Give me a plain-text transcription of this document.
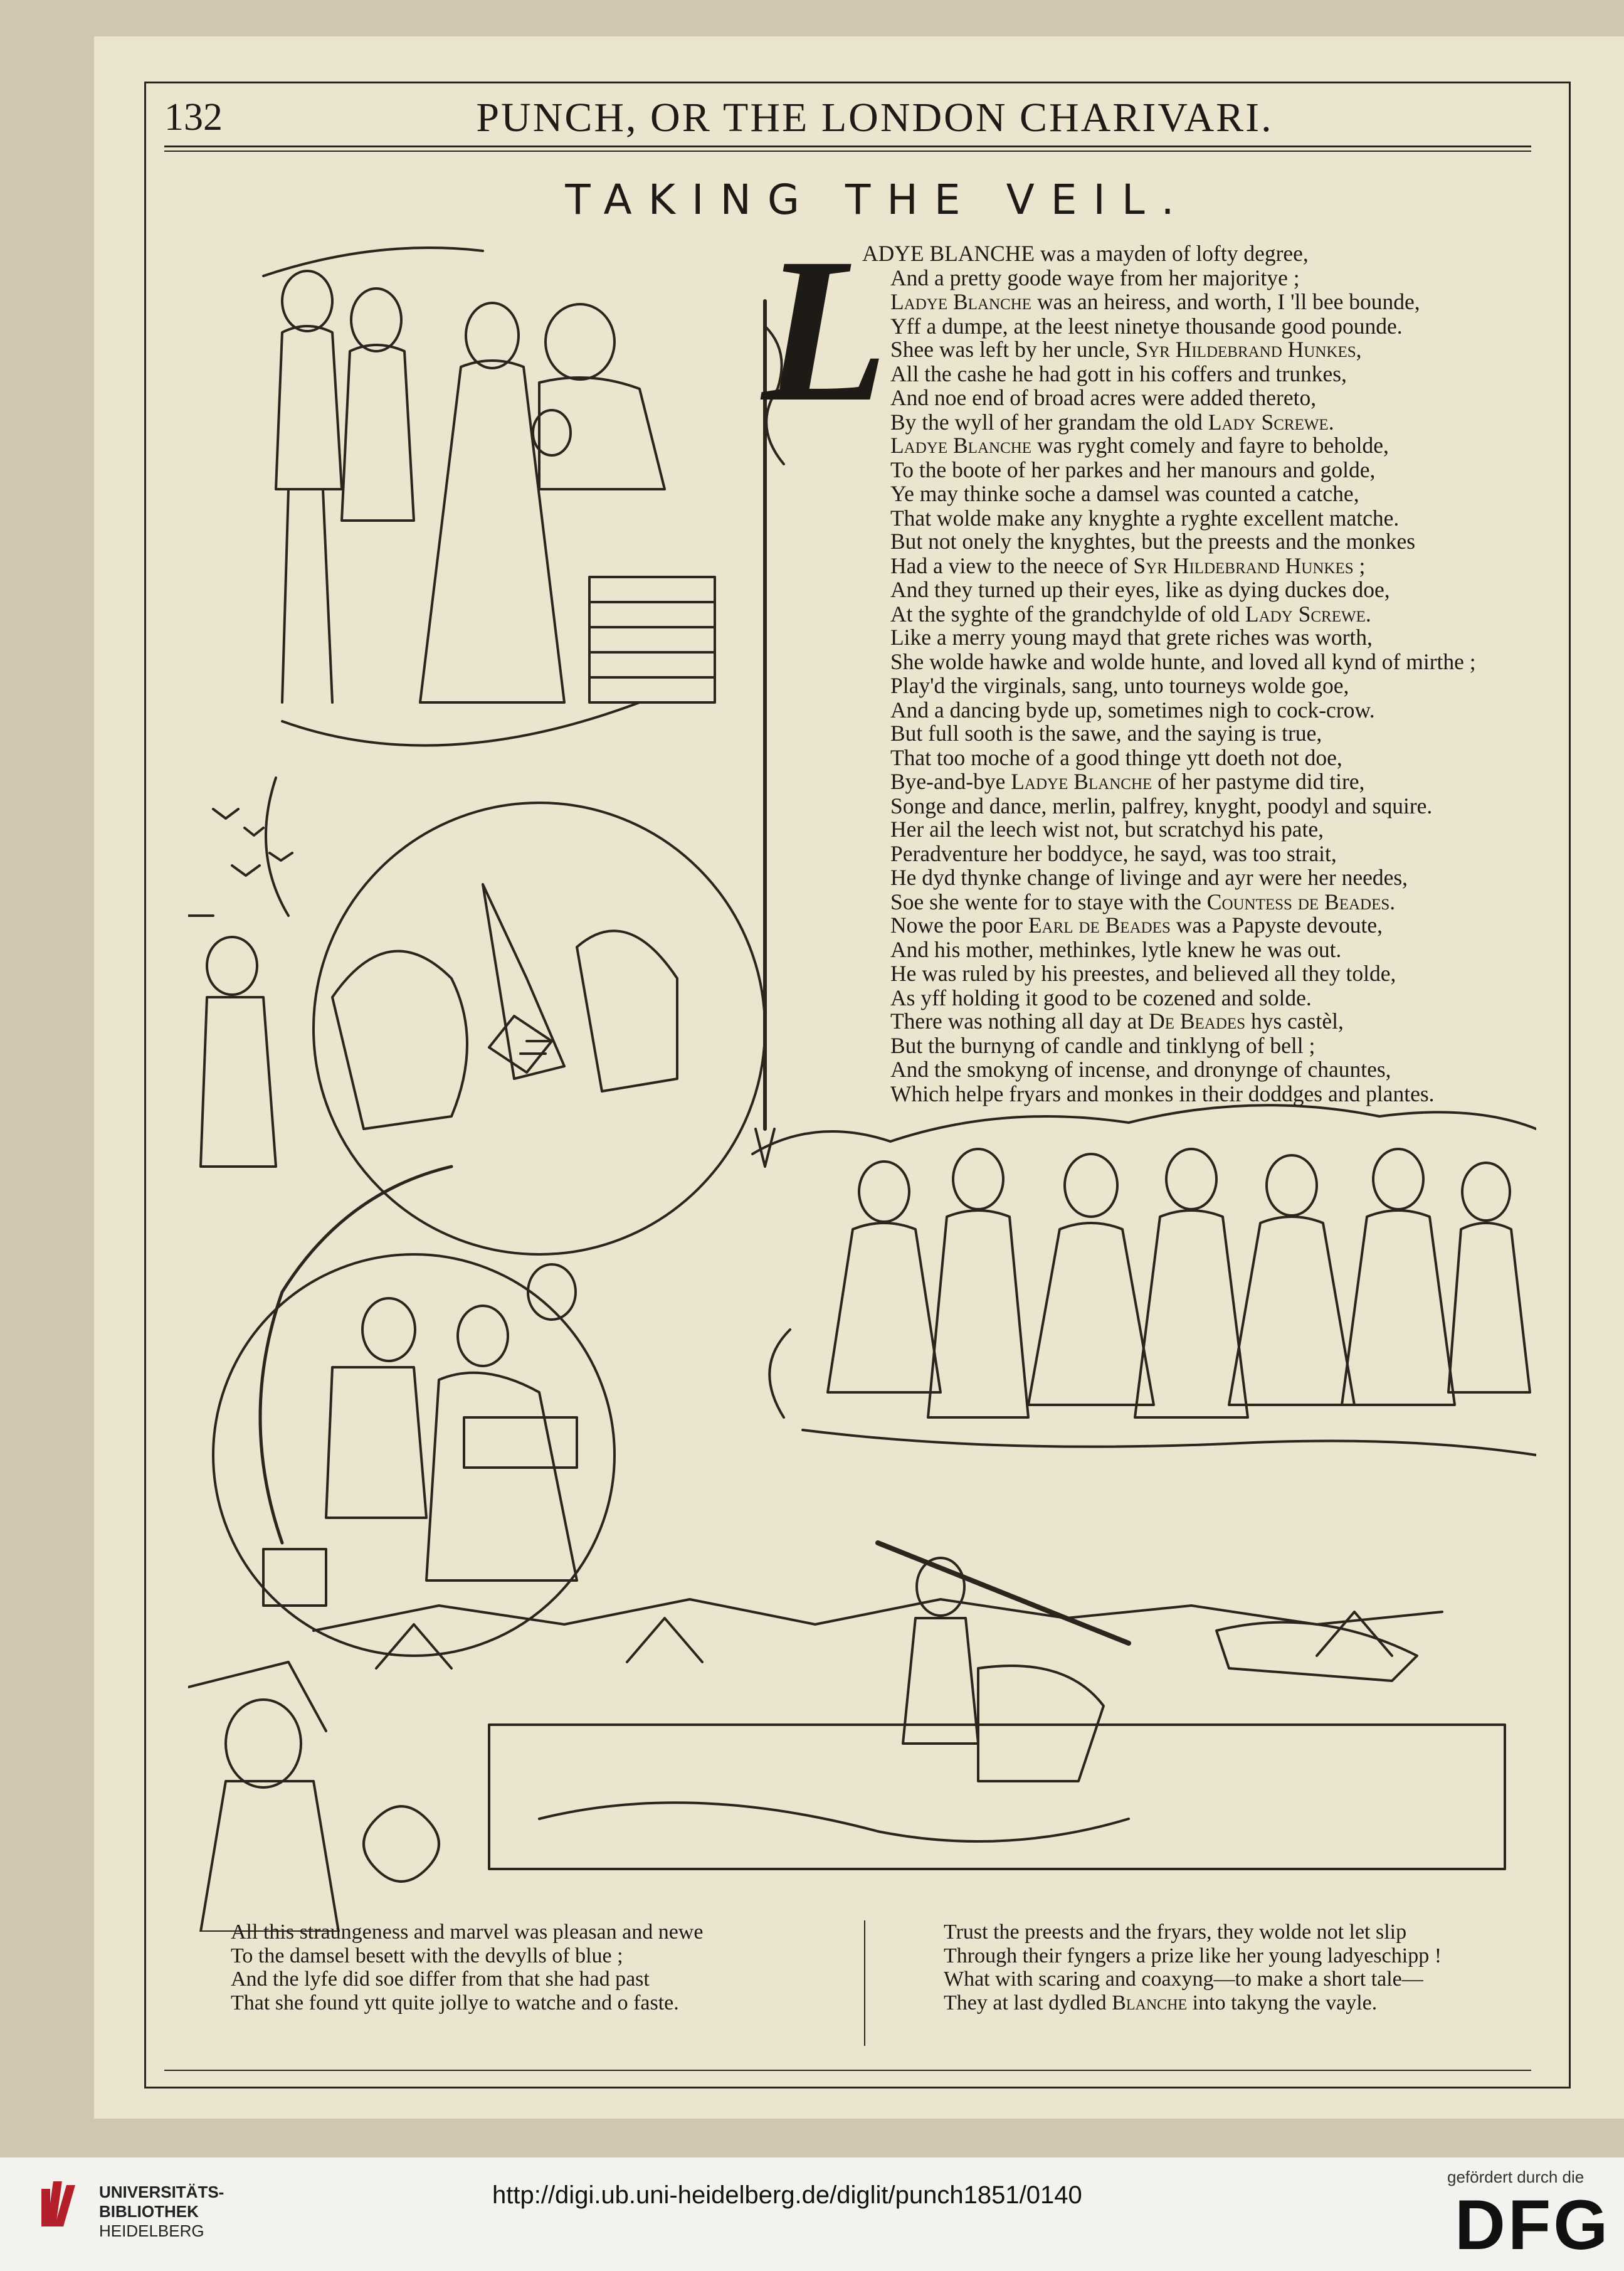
132	PUNCH, OR THE LONDON CHARIVARI.
TAKING THE VEIL.
L
ADYE BLANCHE was a mayden of lofty degree,
And a pretty goode waye from her majoritye ;
Ladye Blanche was an heiress, and worth, I 'll bee bounde,
Yff a dumpe, at the leest ninetye thousande good pounde.
Shee was left by her uncle, Syr Hildebrand Hunkes,
All the cashe he had gott in his coffers and trunkes,
And noe end of broad acres were added thereto,
By the wyll of her grandam the old Lady Screwe.
Ladye Blanche was ryght comely and fayre to beholde,
To the boote of her parkes and her manours and golde,
Ye may thinke soche a damsel was counted a catche,
That wolde make any knyghte a ryghte excellent matche.
But not onely the knyghtes, but the preests and the monkes
Had a view to the neece of Syr Hildebrand Hunkes ;
And they turned up their eyes, like as dying duckes doe,
At the syghte of the grandchylde of old Lady Screwe.
Like a merry young mayd that grete riches was worth,
She wolde hawke and wolde hunte, and loved all kynd of mirthe ;
Play'd the virginals, sang, unto tourneys wolde goe,
And a dancing byde up, sometimes nigh to cock-crow.
But full sooth is the sawe, and the saying is true,
That too moche of a good thinge ytt doeth not doe,
Bye-and-bye Ladye Blanche of her pastyme did tire,
Songe and dance, merlin, palfrey, knyght, poodyl and squire.
Her ail the leech wist not, but scratchyd his pate,
Peradventure her boddyce, he sayd, was too strait,
He dyd thynke change of livinge and ayr were her needes,
Soe she wente for to staye with the Countess de Beades.
Nowe the poor Earl de Beades was a Papyste devoute,
And his mother, methinkes, lytle knew he was out.
He was ruled by his preestes, and believed all they tolde,
As yff holding it good to be cozened and solde.
There was nothing all day at De Beades hys castèl,
But the burnyng of candle and tinklyng of bell ;
And the smokyng of incense, and dronynge of chauntes,
Which helpe fryars and monkes in their doddges and plantes.
All this straungeness and marvel was pleasan and newe
To the damsel besett with the devylls of blue ;
And the lyfe did soe differ from that she had past
That she found ytt quite jollye to watche and o faste.
Trust the preests and the fryars, they wolde not let slip
Through their fyngers a prize like her young ladyeschipp !
What with scaring and coaxyng—to make a short tale—
They at last dydled Blanche into takyng the vayle.
UNIVERSITÄTS-
BIBLIOTHEK
HEIDELBERG
http://digi.ub.uni-heidelberg.de/diglit/punch1851/0140
gefördert durch die
DFG
